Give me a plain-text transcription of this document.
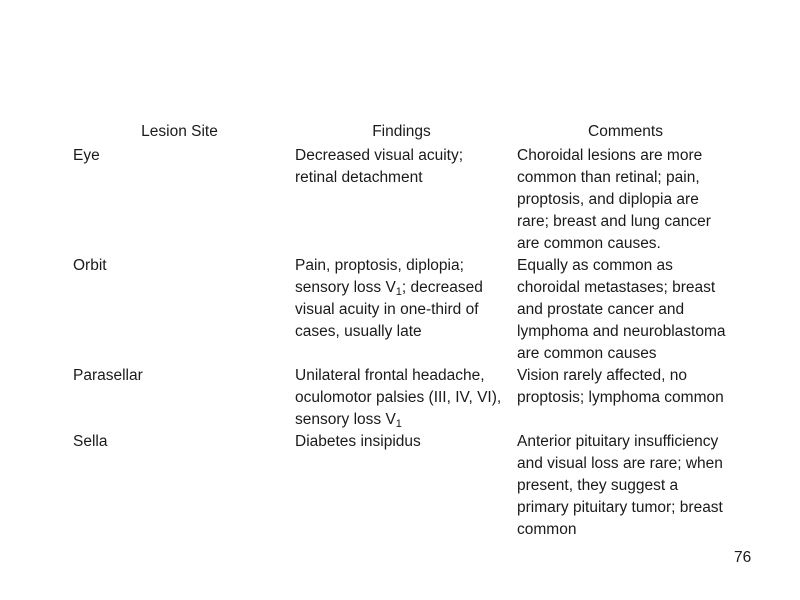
Lesion Site	Findings	Comments
Eye	Decreased visual acuity; retinal detachment	Choroidal lesions are more common than retinal; pain, proptosis, and diplopia are rare; breast and lung cancer are common causes.
Orbit	Pain, proptosis, diplopia; sensory loss $V_1$; decreased visual acuity in one-third of cases, usually late	Equally as common as choroidal metastases; breast and prostate cancer and lymphoma and neuroblastoma are common causes
Parasellar	Unilateral frontal headache, oculomotor palsies (III, IV, VI), sensory loss $V_1$	Vision rarely affected, no proptosis; lymphoma common
Sella	Diabetes insipidus	Anterior pituitary insufficiency and visual loss are rare; when present, they suggest a primary pituitary tumor; breast common
76
